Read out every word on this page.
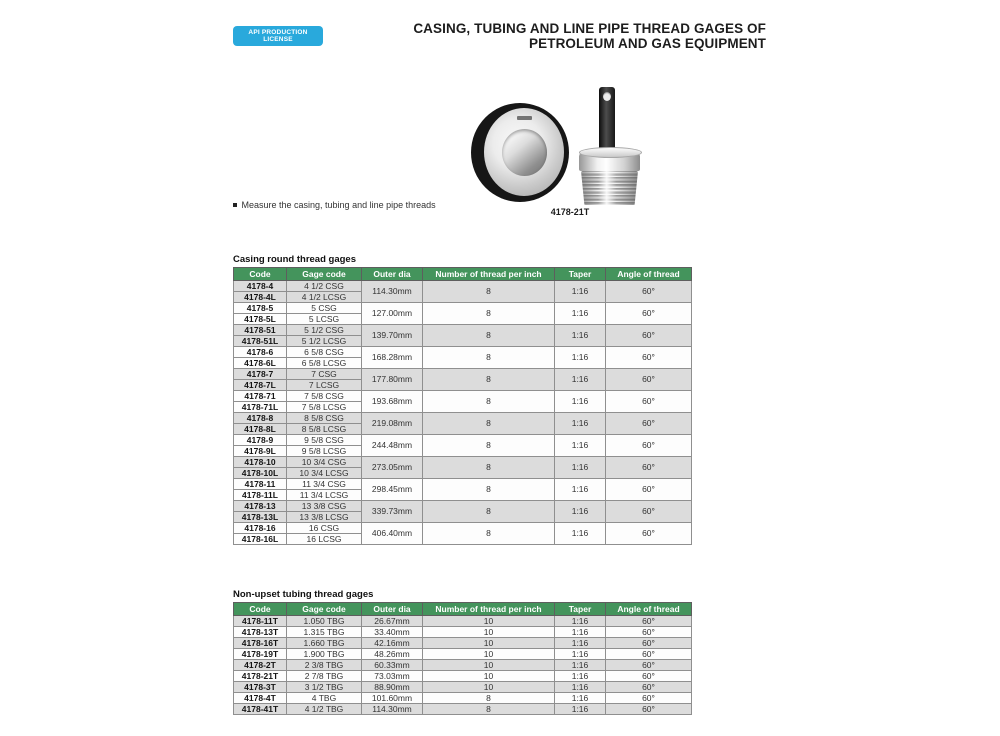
API PRODUCTION LICENSE
CASING, TUBING AND LINE PIPE THREAD GAGES OF
PETROLEUM AND GAS EQUIPMENT
4178-21T
Measure the casing, tubing and line pipe threads
Casing round thread gages
Code	Gage code	Outer dia	Number of thread per inch	Taper	Angle of thread
4178-4	4 1/2 CSG	114.30mm	8	1:16	60°
4178-4L	4 1/2 LCSG				
4178-5	5 CSG	127.00mm	8	1:16	60°
4178-5L	5 LCSG				
4178-51	5 1/2 CSG	139.70mm	8	1:16	60°
4178-51L	5 1/2 LCSG				
4178-6	6 5/8 CSG	168.28mm	8	1:16	60°
4178-6L	6 5/8 LCSG				
4178-7	7 CSG	177.80mm	8	1:16	60°
4178-7L	7 LCSG				
4178-71	7 5/8 CSG	193.68mm	8	1:16	60°
4178-71L	7 5/8 LCSG				
4178-8	8 5/8 CSG	219.08mm	8	1:16	60°
4178-8L	8 5/8 LCSG				
4178-9	9 5/8 CSG	244.48mm	8	1:16	60°
4178-9L	9 5/8 LCSG				
4178-10	10 3/4 CSG	273.05mm	8	1:16	60°
4178-10L	10 3/4 LCSG				
4178-11	11 3/4 CSG	298.45mm	8	1:16	60°
4178-11L	11 3/4 LCSG				
4178-13	13 3/8 CSG	339.73mm	8	1:16	60°
4178-13L	13 3/8 LCSG				
4178-16	16 CSG	406.40mm	8	1:16	60°
4178-16L	16 LCSG				
Non-upset tubing thread gages
Code	Gage code	Outer dia	Number of thread per inch	Taper	Angle of thread
4178-11T	1.050 TBG	26.67mm	10	1:16	60°
4178-13T	1.315 TBG	33.40mm	10	1:16	60°
4178-16T	1.660 TBG	42.16mm	10	1:16	60°
4178-19T	1.900 TBG	48.26mm	10	1:16	60°
4178-2T	2 3/8 TBG	60.33mm	10	1:16	60°
4178-21T	2 7/8 TBG	73.03mm	10	1:16	60°
4178-3T	3 1/2 TBG	88.90mm	10	1:16	60°
4178-4T	4 TBG	101.60mm	8	1:16	60°
4178-41T	4 1/2 TBG	114.30mm	8	1:16	60°
